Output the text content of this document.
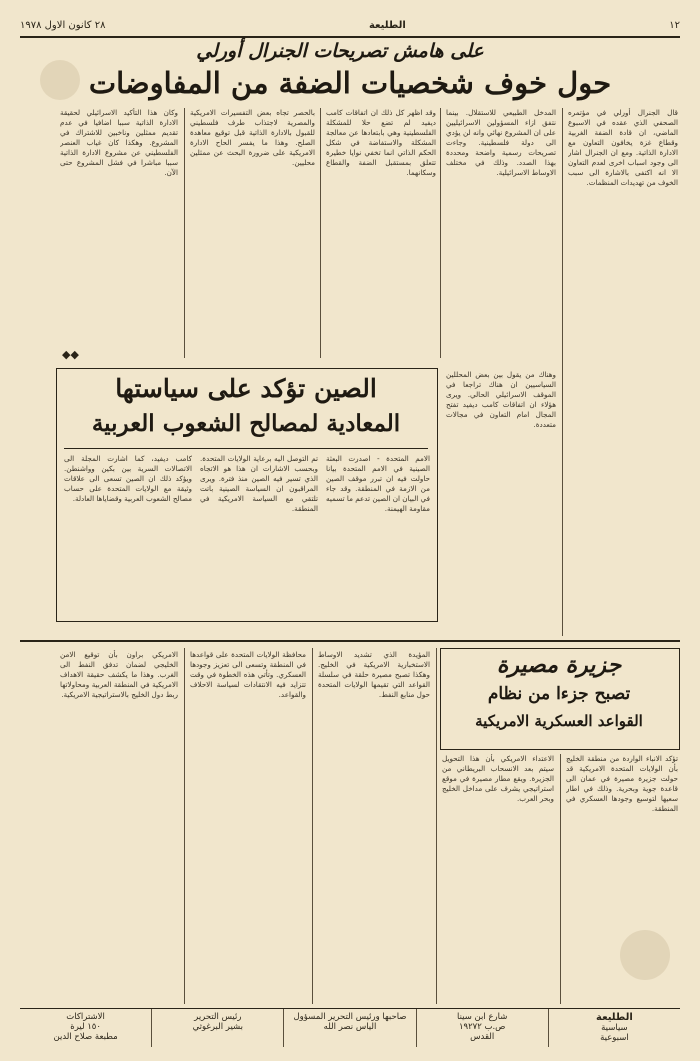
٢٨ كانون الاول ١٩٧٨	الطليعة	١٢
على هامش تصريحات الجنرال أورلي
حول خوف شخصيات الضفة من المفاوضات
قال الجنرال أورلي في مؤتمره الصحفي الذي عقده في الاسبوع الماضي، ان قادة الضفة الغربية وقطاع غزة يخافون التعاون مع الادارة الذاتية. ومع ان الجنرال اشار الى وجود اسباب اخرى لعدم التعاون الا انه اكتفى بالاشارة الى سبب الخوف من تهديدات المنظمات.
المدخل الطبيعي للاستقلال. بينما نتفق ازاء المسؤولين الاسرائيليين على ان المشروع نهائي وانه لن يؤدي الى دولة فلسطينية. وجاءت تصريحات رسمية واضحة ومحددة بهذا الصدد. وذلك في مختلف الاوساط الاسرائيلية.
وقد اظهر كل ذلك ان اتفاقات كامب ديفيد لم تضع حلا للمشكلة الفلسطينية وهي بابتعادها عن معالجة المشكلة والاستفاضة في شكل الحكم الذاتي انما تخفي نوايا خطيرة تتعلق بمستقبل الضفة والقطاع وسكانهما.
بالحصر تجاه بعض التفسيرات الامريكية والمصرية لاجتذاب طرف فلسطيني للقبول بالادارة الذاتية قبل توقيع معاهدة الصلح. وهذا ما يفسر الحاح الادارة الامريكية على ضرورة البحث عن ممثلين محليين.
وكان هذا التأكيد الاسرائيلي لحقيقة الادارة الذاتية سببا اضافيا في عدم تقديم ممثلين وناخبين للاشتراك في المشروع. وهكذا كان غياب العنصر الفلسطيني عن مشروع الادارة الذاتية سببا مباشرا في فشل المشروع حتى الآن.
◆◆
الصين تؤكد على سياستها
المعادية لمصالح الشعوب العربية
الامم المتحدة - اصدرت البعثة الصينية في الامم المتحدة بيانا حاولت فيه ان تبرر موقف الصين من الازمة في المنطقة. وقد جاء في البيان ان الصين تدعم ما تسميه مقاومة الهيمنة.
تم التوصل اليه برعاية الولايات المتحدة. وبحسب الاشارات ان هذا هو الاتجاه الذي تسير فيه الصين منذ فترة. ويرى المراقبون ان السياسة الصينية باتت تلتقي مع السياسة الامريكية في المنطقة.
كامب ديفيد، كما اشارت المجلة الى الاتصالات السرية بين بكين وواشنطن. ويؤكد ذلك ان الصين تسعى الى علاقات وثيقة مع الولايات المتحدة على حساب مصالح الشعوب العربية وقضاياها العادلة.
وهناك من يقول بين بعض المحللين السياسيين ان هناك تراجعا في الموقف الاسرائيلي الحالي. ويرى هؤلاء ان اتفاقات كامب ديفيد تفتح المجال امام التعاون في مجالات متعددة.
جزيرة مصيرة
تصبح جزءا من نظام
القواعد العسكرية الامريكية
تؤكد الانباء الواردة من منطقة الخليج بأن الولايات المتحدة الامريكية قد حولت جزيرة مصيرة في عمان الى قاعدة جوية وبحرية. وذلك في اطار سعيها لتوسيع وجودها العسكري في المنطقة.
الاعتداء الامريكي بأن هذا التحويل سيتم بعد الانسحاب البريطاني من الجزيرة. ويقع مطار مصيرة في موقع استراتيجي يشرف على مداخل الخليج وبحر العرب.
المؤيدة الذي تشديد الاوساط الاستخبارية الامريكية في الخليج. وهكذا تصبح مصيرة حلقة في سلسلة القواعد التي تقيمها الولايات المتحدة حول منابع النفط.
محافظة الولايات المتحدة على قواعدها في المنطقة وتسعى الى تعزيز وجودها العسكري. وتأتي هذه الخطوة في وقت تتزايد فيه الانتقادات لسياسة الاحلاف والقواعد.
الامريكي براون بأن توقيع الامن الخليجي لضمان تدفق النفط الى الغرب. وهذا ما يكشف حقيقة الاهداف الامريكية في المنطقة العربية ومحاولاتها ربط دول الخليج بالاستراتيجية الامريكية.
الطليعة
سياسية
اسبوعية
شارع ابن سينا
ص.ب ١٩٢٧٢
القدس
صاحبها ورئيس التحرير المسؤول
الياس نصر الله
رئيس التحرير
بشير البرغوثي
الاشتراكات
١٥٠ ليرة
مطبعة صلاح الدين
